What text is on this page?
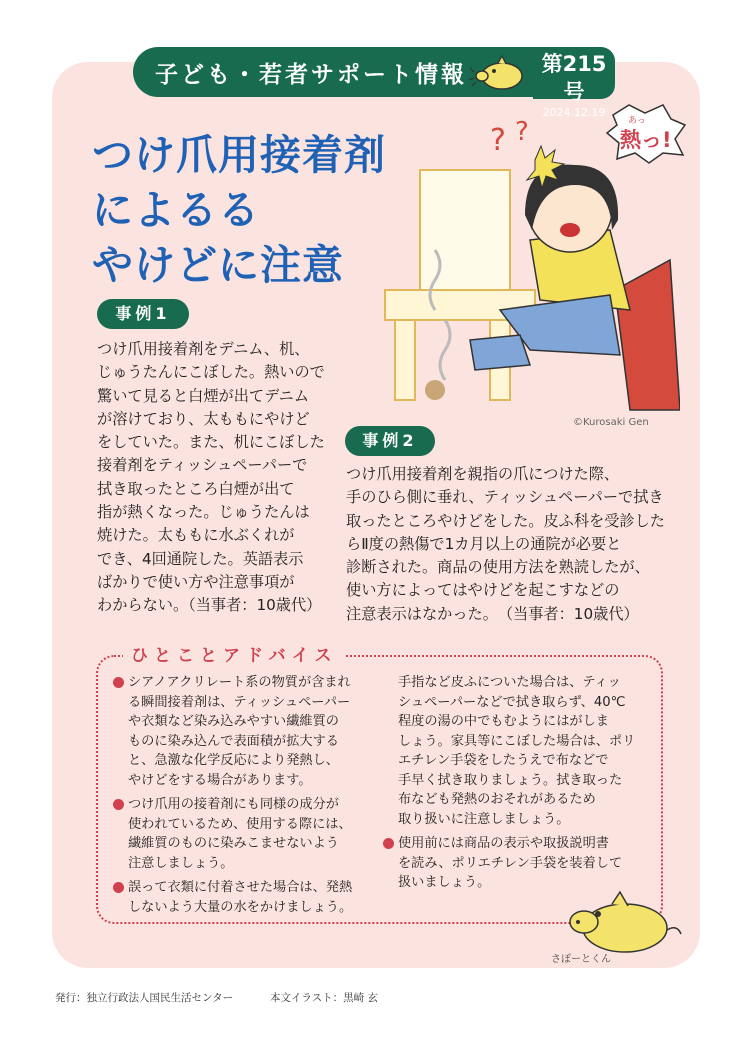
子ども・若者サポート情報	第215号
2024.12.19
つけ爪用接着剤
によるる
やけどに注意
? ?	あっ
熱っ!
©Kurosaki Gen
事例1

つけ爪用接着剤をデニム、机、
じゅうたんにこぼした。熱いので
驚いて見ると白煙が出てデニム
が溶けており、太ももにやけど
をしていた。また、机にこぼした
接着剤をティッシュペーパーで
拭き取ったところ白煙が出て
指が熱くなった。じゅうたんは
焼けた。太ももに水ぶくれが
でき、4回通院した。英語表示
ばかりで使い方や注意事項が
わからない。（当事者：10歳代）

事例2

つけ爪用接着剤を親指の爪につけた際、
手のひら側に垂れ、ティッシュペーパーで拭き
取ったところやけどをした。皮ふ科を受診した
らⅡ度の熱傷で1カ月以上の通院が必要と
診断された。商品の使用方法を熟読したが、
使い方によってはやけどを起こすなどの
注意表示はなかった。　（当事者：10歳代）

ひとことアドバイス
シアノアクリレート系の物質が含まれ
る瞬間接着剤は、ティッシュペーパー
や衣類など染み込みやすい繊維質の
ものに染み込んで表面積が拡大する
と、急激な化学反応により発熱し、
やけどをする場合があります。
つけ爪用の接着剤にも同様の成分が
使われているため、使用する際には、
繊維質のものに染みこませないよう
注意しましょう。
誤って衣類に付着させた場合は、発熱
しないよう大量の水をかけましょう。
手指など皮ふについた場合は、ティッ
シュペーパーなどで拭き取らず、40℃
程度の湯の中でもむようにはがしま
しょう。家具等にこぼした場合は、ポリ
エチレン手袋をしたうえで布などで
手早く拭き取りましょう。拭き取った
布なども発熱のおそれがあるため
取り扱いに注意しましょう。
使用前には商品の表示や取扱説明書
を読み、ポリエチレン手袋を装着して
扱いましょう。
さぽーとくん
発行：独立行政法人国民生活センター	本文イラスト：黒崎 玄
